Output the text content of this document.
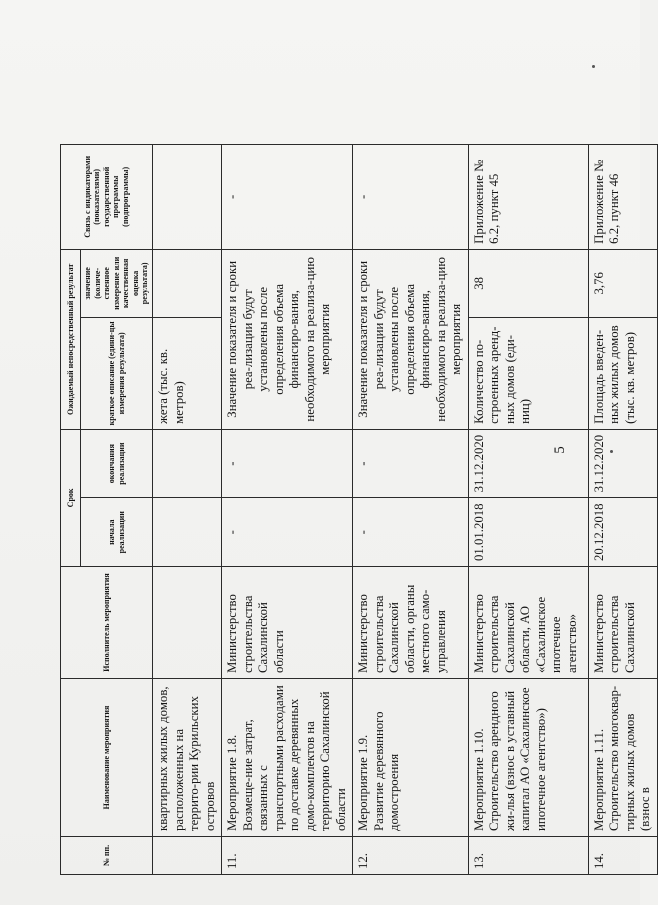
5
№ пп.	Наименование мероприятия	Исполнитель мероприятия	Срок		Ожидаемый непосредственный результат		Связь с индикаторами (показателями) государственной программы (подпрограммы)	
			начала реализации	окончания реализации	краткое описание (едини-цы измерения результата)	значение (количе-ственное измерение или качественная оценка результата)		
	квартирных жилых домов, расположенных на террито-рии Курильских островов				жета (тыс. кв. метров)			
11.	Мероприятие 1.8. Возмеще-ние затрат, связанных с транспортными расходами по доставке деревянных домо-комплектов на территорию Сахалинской области	Министерство строительства Сахалинской области	-	-	Значение показателя и сроки реа-лизации будут установлены после определения объема финансиро-вания, необходимого на реализа-цию мероприятия		-	
12.	Мероприятие 1.9. Развитие деревянного домостроения	Министерство строительства Сахалинской области, органы местного само-управления	-	-	Значение показателя и сроки реа-лизации будут установлены после определения объема финансиро-вания, необходимого на реализа-цию мероприятия		-	
13.	Мероприятие 1.10. Строительство арендного жи-лья (взнос в уставный капитал АО «Сахалинское ипотечное агентство»)	Министерство строительства Сахалинской области, АО «Сахалинское ипотечное агентство»	01.01.2018	31.12.2020	Количество по-строенных аренд-ных домов (еди-ниц)	38	Приложение № 6.2, пункт 45	
14.	Мероприятие 1.11. Строительство многоквар-тирных жилых домов (взнос в	Министерство строительства Сахалинской	20.12.2018	31.12.2020	Площадь введен-ных жилых домов (тыс. кв. метров)	3,76	Приложение № 6.2, пункт 46	
